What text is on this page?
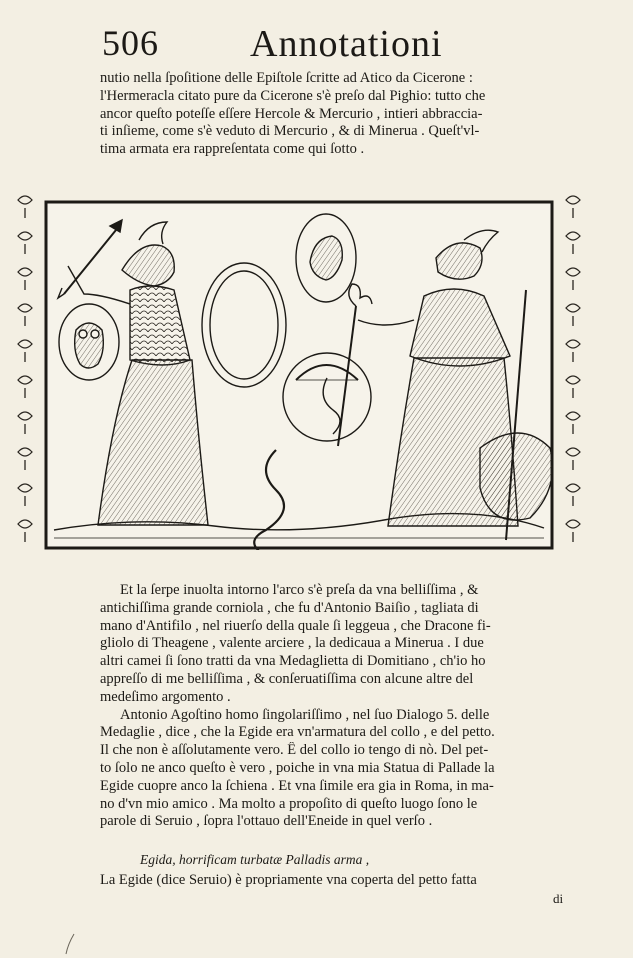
506 Annotationi
nutio nella ſpoſitione delle Epiſtole ſcritte ad Atico da Cicerone :
l'Hermeracla citato pure da Cicerone s'è preſo dal Pighio: tutto che
ancor queſto poteſſe eſſere Hercole & Mercurio , intieri abbraccia-
ti inſieme, come s'è veduto di Mercurio , & di Minerua . Queſt'vl-
tima armata era rappreſentata come qui ſotto .
Et la ſerpe inuolta intorno l'arco s'è preſa da vna belliſſima , &
antichiſſima grande corniola , che fu d'Antonio Baiſio , tagliata di
mano d'Antifilo , nel riuerſo della quale ſi leggeua , che Dracone fi-
gliolo di Theagene , valente arciere , la dedicaua a Minerua . I due
altri camei ſi ſono tratti da vna Medaglietta di Domitiano , ch'io ho
appreſſo di me belliſſima , & conſeruatiſſima con alcune altre del
medeſimo argomento .
Antonio Agoſtino homo ſingolariſſimo , nel ſuo Dialogo 5. delle
Medaglie , dice , che la Egide era vn'armatura del collo , e del petto.
Il che non è aſſolutamente vero. Ê del collo io tengo di nò. Del pet-
to ſolo ne anco queſto è vero , poiche in vna mia Statua di Pallade la
Egide cuopre anco la ſchiena . Et vna ſimile era gia in Roma, in ma-
no d'vn mio amico . Ma molto a propoſito di queſto luogo ſono le
parole di Seruio , ſopra l'ottauo dell'Eneide in quel verſo .
Egida, horrificam turbatæ Palladis arma ,
La Egide (dice Seruio) è propriamente vna coperta del petto fatta
di
